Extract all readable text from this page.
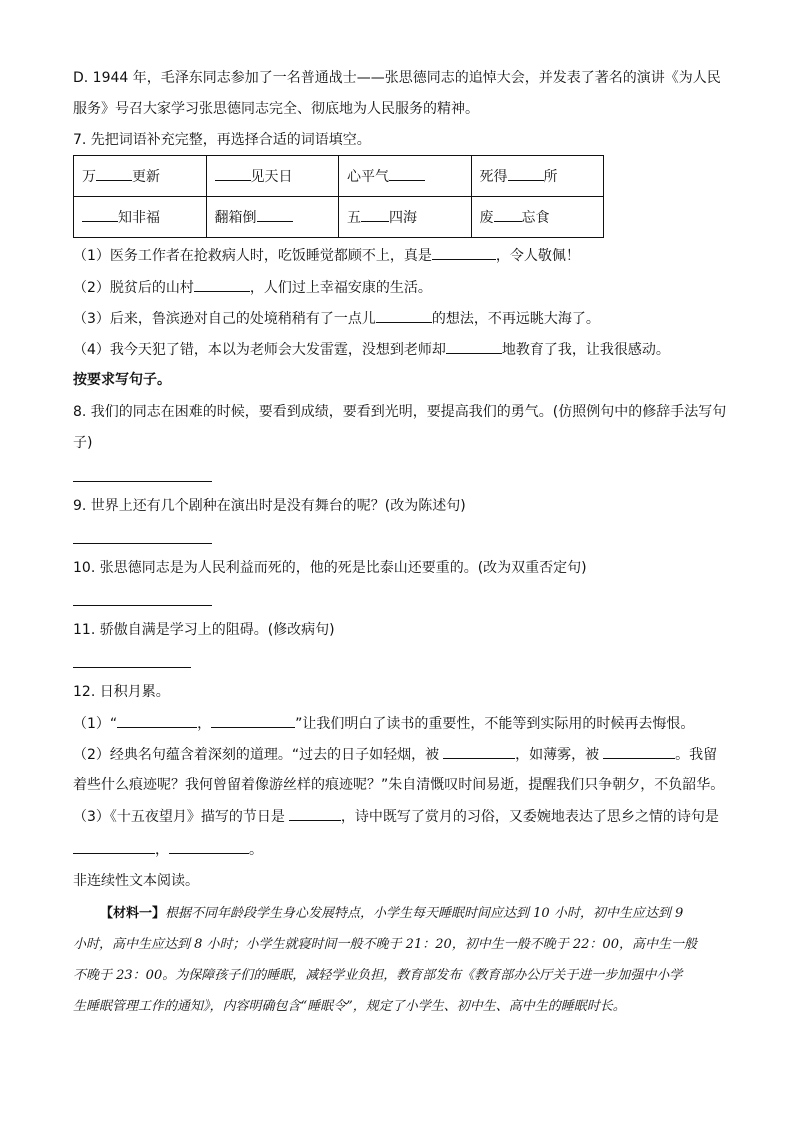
D. 1944 年，毛泽东同志参加了一名普通战士——张思德同志的追悼大会，并发表了著名的演讲《为人民
服务》号召大家学习张思德同志完全、彻底地为人民服务的精神。
7. 先把词语补充完整，再选择合适的词语填空。
万 更新	见天日	心平气	死得 所
知非福	翻箱倒	五 四海	废 忘食
（1）医务工作者在抢救病人时，吃饭睡觉都顾不上，真是	，令人敬佩！
（2）脱贫后的山村	，人们过上幸福安康的生活。
（3）后来，鲁滨逊对自己的处境稍稍有了一点儿	的想法，不再远眺大海了。
（4）我今天犯了错，本以为老师会大发雷霆，没想到老师却	地教育了我，让我很感动。
按要求写句子。
8. 我们的同志在困难的时候，要看到成绩，要看到光明，要提高我们的勇气。(仿照例句中的修辞手法写句
子)
9. 世界上还有几个剧种在演出时是没有舞台的呢？(改为陈述句)
10. 张思德同志是为人民利益而死的，他的死是比泰山还要重的。(改为双重否定句)
11. 骄傲自满是学习上的阻碍。(修改病句)
12. 日积月累。
（1）“	，	”让我们明白了读书的重要性，不能等到实际用的时候再去悔恨。
（2）经典名句蕴含着深刻的道理。“过去的日子如轻烟，被	，如薄雾，被	。我留
着些什么痕迹呢？我何曾留着像游丝样的痕迹呢？”朱自清慨叹时间易逝，提醒我们只争朝夕，不负韶华。
（3）《十五夜望月》描写的节日是	，诗中既写了赏月的习俗，又委婉地表达了思乡之情的诗句是
，	。
非连续性文本阅读。
【材料一】根据不同年龄段学生身心发展特点，小学生每天睡眠时间应达到 10 小时，初中生应达到 9
小时，高中生应达到 8 小时；小学生就寝时间一般不晚于 21：20，初中生一般不晚于 22：00，高中生一般
不晚于 23：00。为保障孩子们的睡眠，减轻学业负担，教育部发布《教育部办公厅关于进一步加强中小学
生睡眠管理工作的通知》，内容明确包含“睡眠令”，规定了小学生、初中生、高中生的睡眠时长。
